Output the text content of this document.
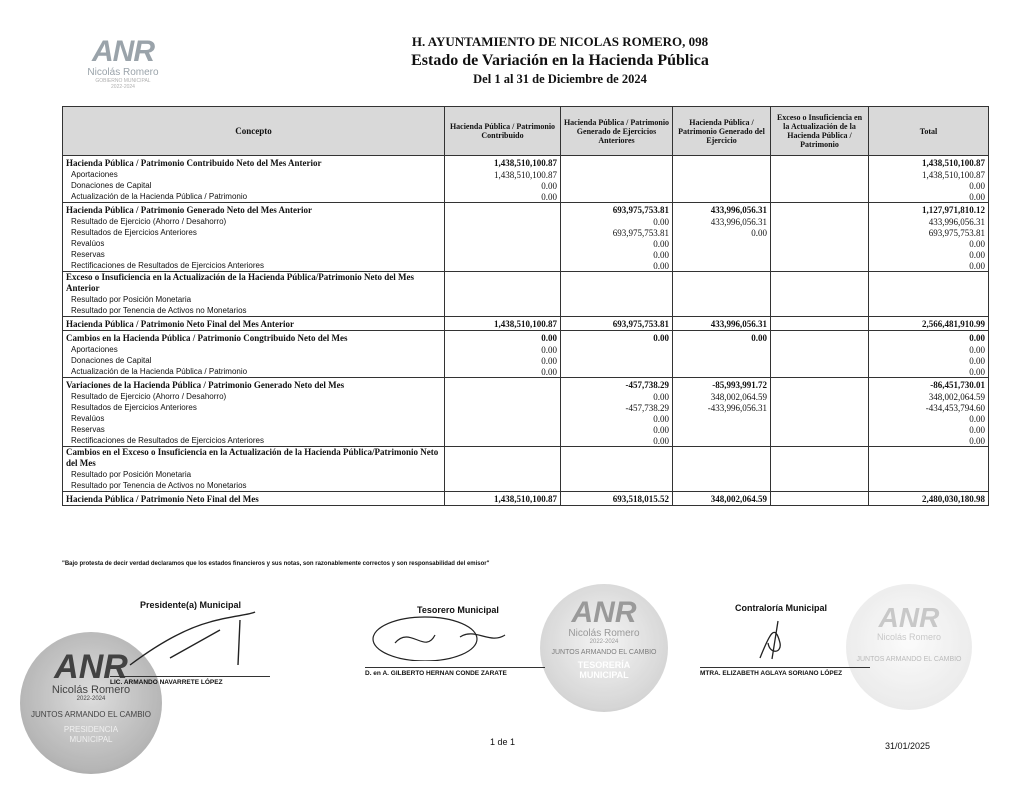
ANR
Nicolás Romero
GOBIERNO MUNICIPAL
2022-2024
H. AYUNTAMIENTO DE NICOLAS ROMERO, 098
Estado de Variación en la Hacienda Pública
Del 1 al 31 de Diciembre de 2024
Concepto	Hacienda Pública / Patrimonio Contribuido	Hacienda Pública / Patrimonio Generado de Ejercicios Anteriores	Hacienda Pública / Patrimonio Generado del Ejercicio	Exceso o Insuficiencia en la Actualización de la Hacienda Pública / Patrimonio	Total
Hacienda Pública / Patrimonio Contribuido Neto del Mes Anterior	1,438,510,100.87				1,438,510,100.87
Aportaciones	1,438,510,100.87				1,438,510,100.87
Donaciones de Capital	0.00				0.00
Actualización de la Hacienda Pública / Patrimonio	0.00				0.00
Hacienda Pública / Patrimonio Generado Neto del Mes Anterior		693,975,753.81	433,996,056.31		1,127,971,810.12
Resultado de Ejercicio (Ahorro / Desahorro)		0.00	433,996,056.31		433,996,056.31
Resultados de Ejercicios Anteriores		693,975,753.81	0.00		693,975,753.81
Revalúos		0.00			0.00
Reservas		0.00			0.00
Rectificaciones de Resultados de Ejercicios Anteriores		0.00			0.00
Exceso o Insuficiencia en la Actualización de la Hacienda Pública/Patrimonio Neto del Mes Anterior					
Resultado por Posición Monetaria					
Resultado por Tenencia de Activos no Monetarios					
Hacienda Pública / Patrimonio Neto Final del Mes Anterior	1,438,510,100.87	693,975,753.81	433,996,056.31		2,566,481,910.99
Cambios en la Hacienda Pública / Patrimonio Congtribuido Neto del Mes	0.00	0.00	0.00		0.00
Aportaciones	0.00				0.00
Donaciones de Capital	0.00				0.00
Actualización de la Hacienda Pública / Patrimonio	0.00				0.00
Variaciones de la Hacienda Pública / Patrimonio Generado Neto del Mes		-457,738.29	-85,993,991.72		-86,451,730.01
Resultado de Ejercicio (Ahorro / Desahorro)		0.00	348,002,064.59		348,002,064.59
Resultados de Ejercicios Anteriores		-457,738.29	-433,996,056.31		-434,453,794.60
Revalúos		0.00			0.00
Reservas		0.00			0.00
Rectificaciones de Resultados de Ejercicios Anteriores		0.00			0.00
Cambios en el Exceso o Insuficiencia en la Actualización de la Hacienda Pública/Patrimonio Neto del Mes					
Resultado por Posición Monetaria					
Resultado por Tenencia de Activos no Monetarios					
Hacienda Pública / Patrimonio Neto Final del Mes	1,438,510,100.87	693,518,015.52	348,002,064.59		2,480,030,180.98
"Bajo protesta de decir verdad declaramos que los estados financieros y sus notas, son razonablemente correctos y son responsabilidad del emisor"
ANR
Nicolás Romero
2022-2024
JUNTOS ARMANDO EL CAMBIO
PRESIDENCIA MUNICIPAL
ANR
Nicolás Romero
2022-2024
JUNTOS ARMANDO EL CAMBIO
TESORERÍA MUNICIPAL
ANR
Nicolás Romero
JUNTOS ARMANDO EL CAMBIO
Presidente(a) Municipal
LIC. ARMANDO NAVARRETE LÓPEZ
Tesorero Municipal
D. en A. GILBERTO HERNAN CONDE ZARATE
Contraloría Municipal
MTRA. ELIZABETH AGLAYA SORIANO LÓPEZ
1 de 1	31/01/2025
